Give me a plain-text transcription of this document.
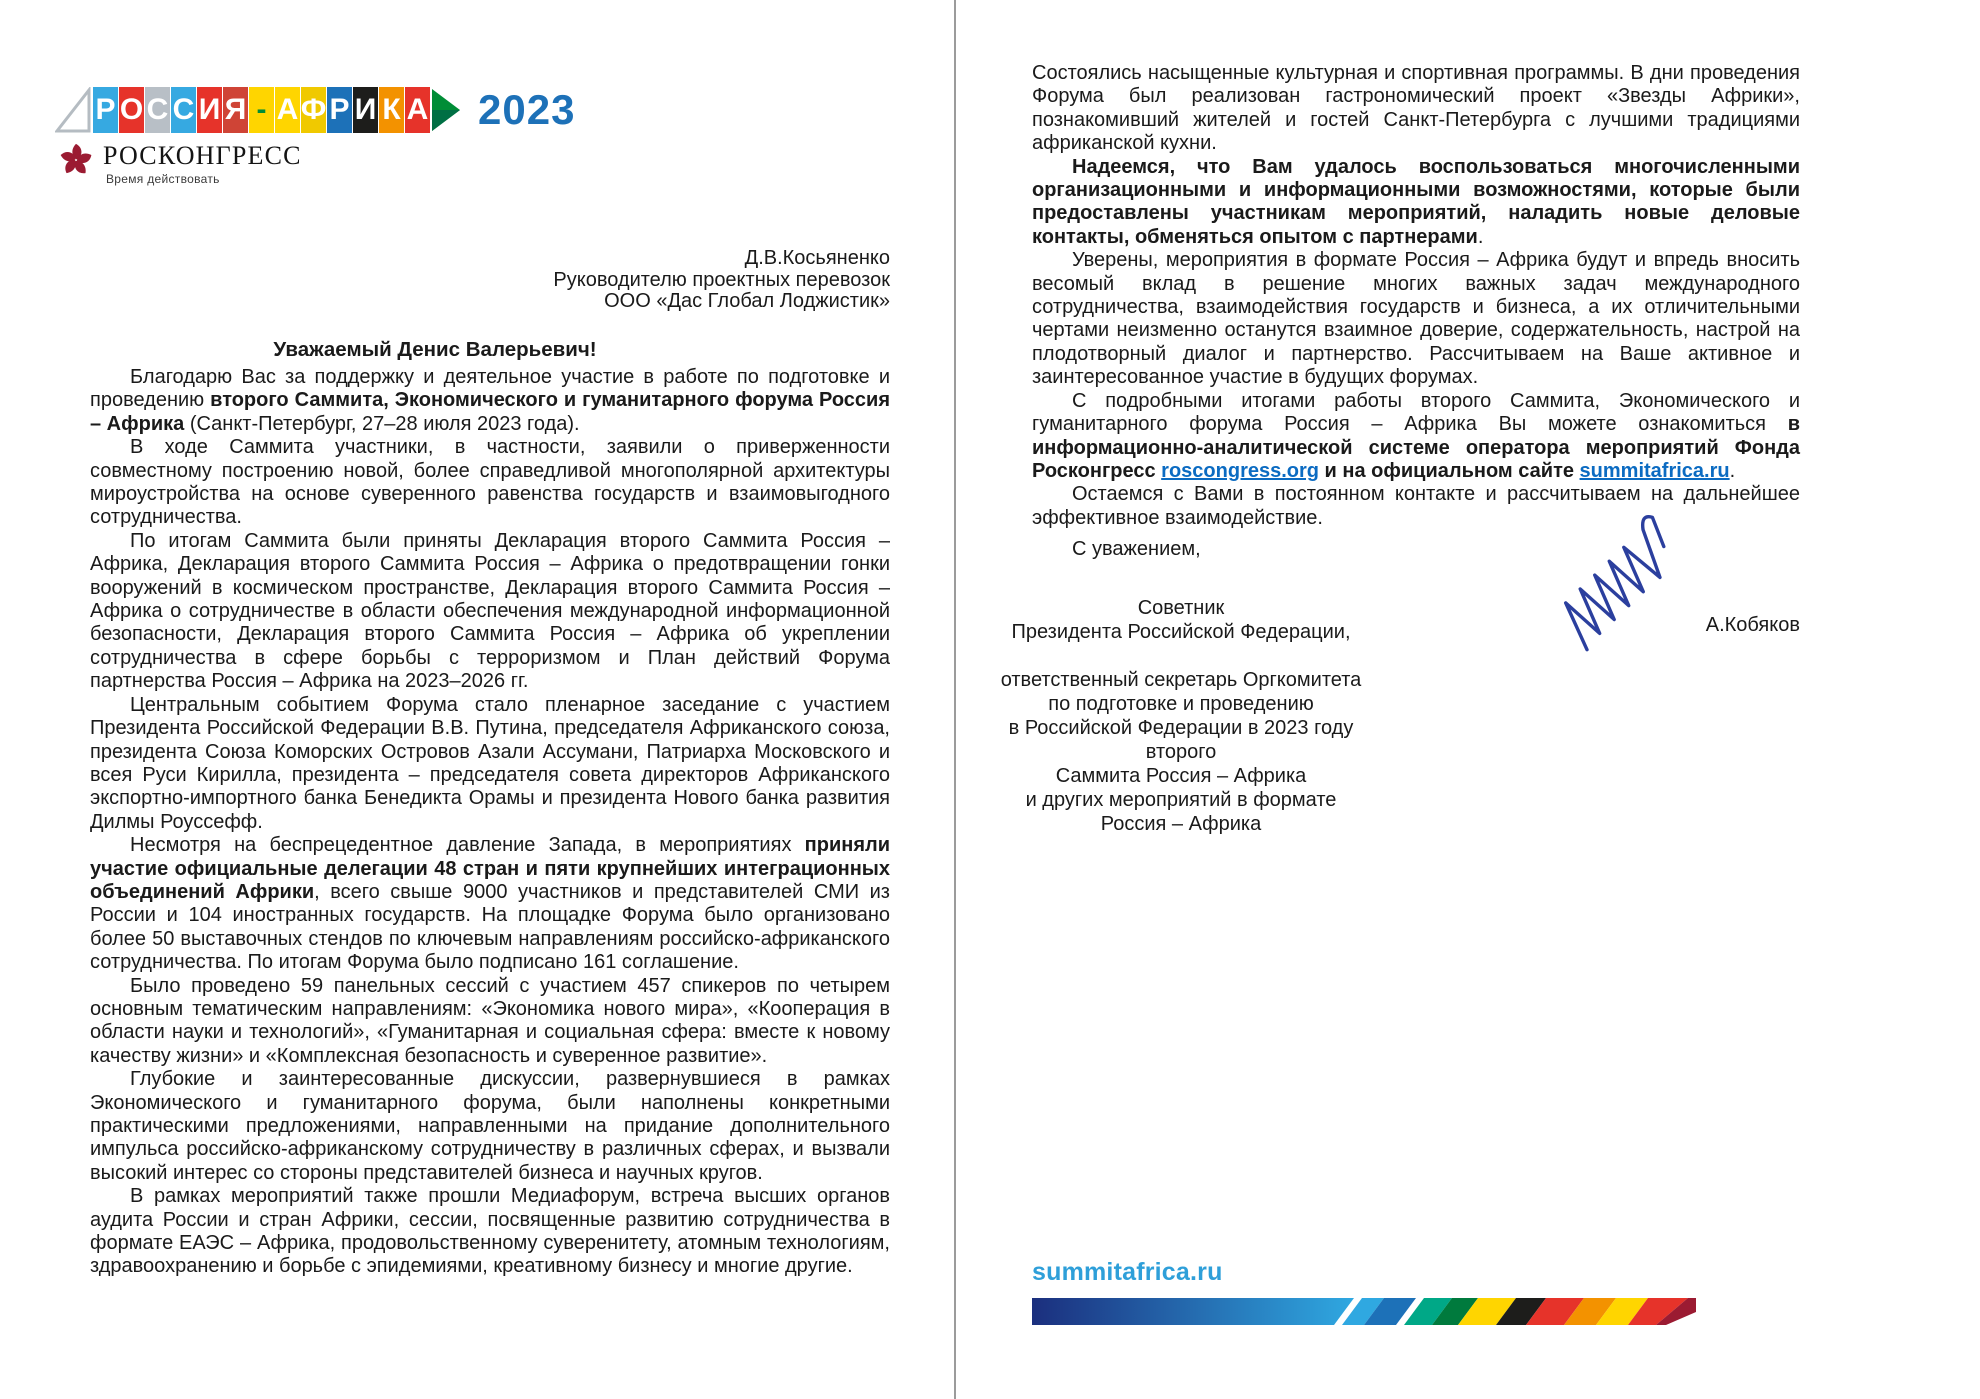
Р О С С И Я - А Ф Р И К А 2023
РОСКОНГРЕСС
Время действовать
Д.В.Косьяненко
Руководителю проектных перевозок
ООО «Дас Глобал Лоджистик»
Уважаемый Денис Валерьевич!

Благодарю Вас за поддержку и деятельное участие в работе по подготовке и проведению второго Саммита, Экономического и гуманитарного форума Россия – Африка (Санкт-Петербург, 27–28 июля 2023 года).

В ходе Саммита участники, в частности, заявили о приверженности совместному построению новой, более справедливой многополярной архитектуры мироустройства на основе суверенного равенства государств и взаимовыгодного сотрудничества.

По итогам Саммита были приняты Декларация второго Саммита Россия – Африка, Декларация второго Саммита Россия – Африка о предотвращении гонки вооружений в космическом пространстве, Декларация второго Саммита Россия – Африка о сотрудничестве в области обеспечения международной информационной безопасности, Декларация второго Саммита Россия – Африка об укреплении сотрудничества в сфере борьбы с терроризмом и План действий Форума партнерства Россия – Африка на 2023–2026 гг.

Центральным событием Форума стало пленарное заседание с участием Президента Российской Федерации В.В. Путина, председателя Африканского союза, президента Союза Коморских Островов Азали Ассумани, Патриарха Московского и всея Руси Кирилла, президента – председателя совета директоров Африканского экспортно-импортного банка Бенедикта Орамы и президента Нового банка развития Дилмы Роуссефф.

Несмотря на беспрецедентное давление Запада, в мероприятиях приняли участие официальные делегации 48 стран и пяти крупнейших интеграционных объединений Африки, всего свыше 9000 участников и представителей СМИ из России и 104 иностранных государств. На площадке Форума было организовано более 50 выставочных стендов по ключевым направлениям российско-африканского сотрудничества. По итогам Форума было подписано 161 соглашение.

Было проведено 59 панельных сессий с участием 457 спикеров по четырем основным тематическим направлениям: «Экономика нового мира», «Кооперация в области науки и технологий», «Гуманитарная и социальная сфера: вместе к новому качеству жизни» и «Комплексная безопасность и суверенное развитие».

Глубокие и заинтересованные дискуссии, развернувшиеся в рамках Экономического и гуманитарного форума, были наполнены конкретными практическими предложениями, направленными на придание дополнительного импульса российско-африканскому сотрудничеству в различных сферах, и вызвали высокий интерес со стороны представителей бизнеса и научных кругов.

В рамках мероприятий также прошли Медиафорум, встреча высших органов аудита России и стран Африки, сессии, посвященные развитию сотрудничества в формате ЕАЭС – Африка, продовольственному суверенитету, атомным технологиям, здравоохранению и борьбе с эпидемиями, креативному бизнесу и многие другие.

Состоялись насыщенные культурная и спортивная программы. В дни проведения Форума был реализован гастрономический проект «Звезды Африки», познакомивший жителей и гостей Санкт-Петербурга с лучшими традициями африканской кухни.

Надеемся, что Вам удалось воспользоваться многочисленными организационными и информационными возможностями, которые были предоставлены участникам мероприятий, наладить новые деловые контакты, обменяться опытом с партнерами.

Уверены, мероприятия в формате Россия – Африка будут и впредь вносить весомый вклад в решение многих важных задач международного сотрудничества, взаимодействия государств и бизнеса, а их отличительными чертами неизменно останутся взаимное доверие, содержательность, настрой на плодотворный диалог и партнерство. Рассчитываем на Ваше активное и заинтересованное участие в будущих форумах.

С подробными итогами работы второго Саммита, Экономического и гуманитарного форума Россия – Африка Вы можете ознакомиться в информационно-аналитической системе оператора мероприятий Фонда Росконгресс roscongress.org и на официальном сайте summitafrica.ru.

Остаемся с Вами в постоянном контакте и рассчитываем на дальнейшее эффективное взаимодействие.

С уважением,
Советник
Президента Российской Федерации,

ответственный секретарь Оргкомитета
по подготовке и проведению
в Российской Федерации в 2023 году второго
Саммита Россия – Африка
и других мероприятий в формате
Россия – Африка
А.Кобяков
summitafrica.ru
